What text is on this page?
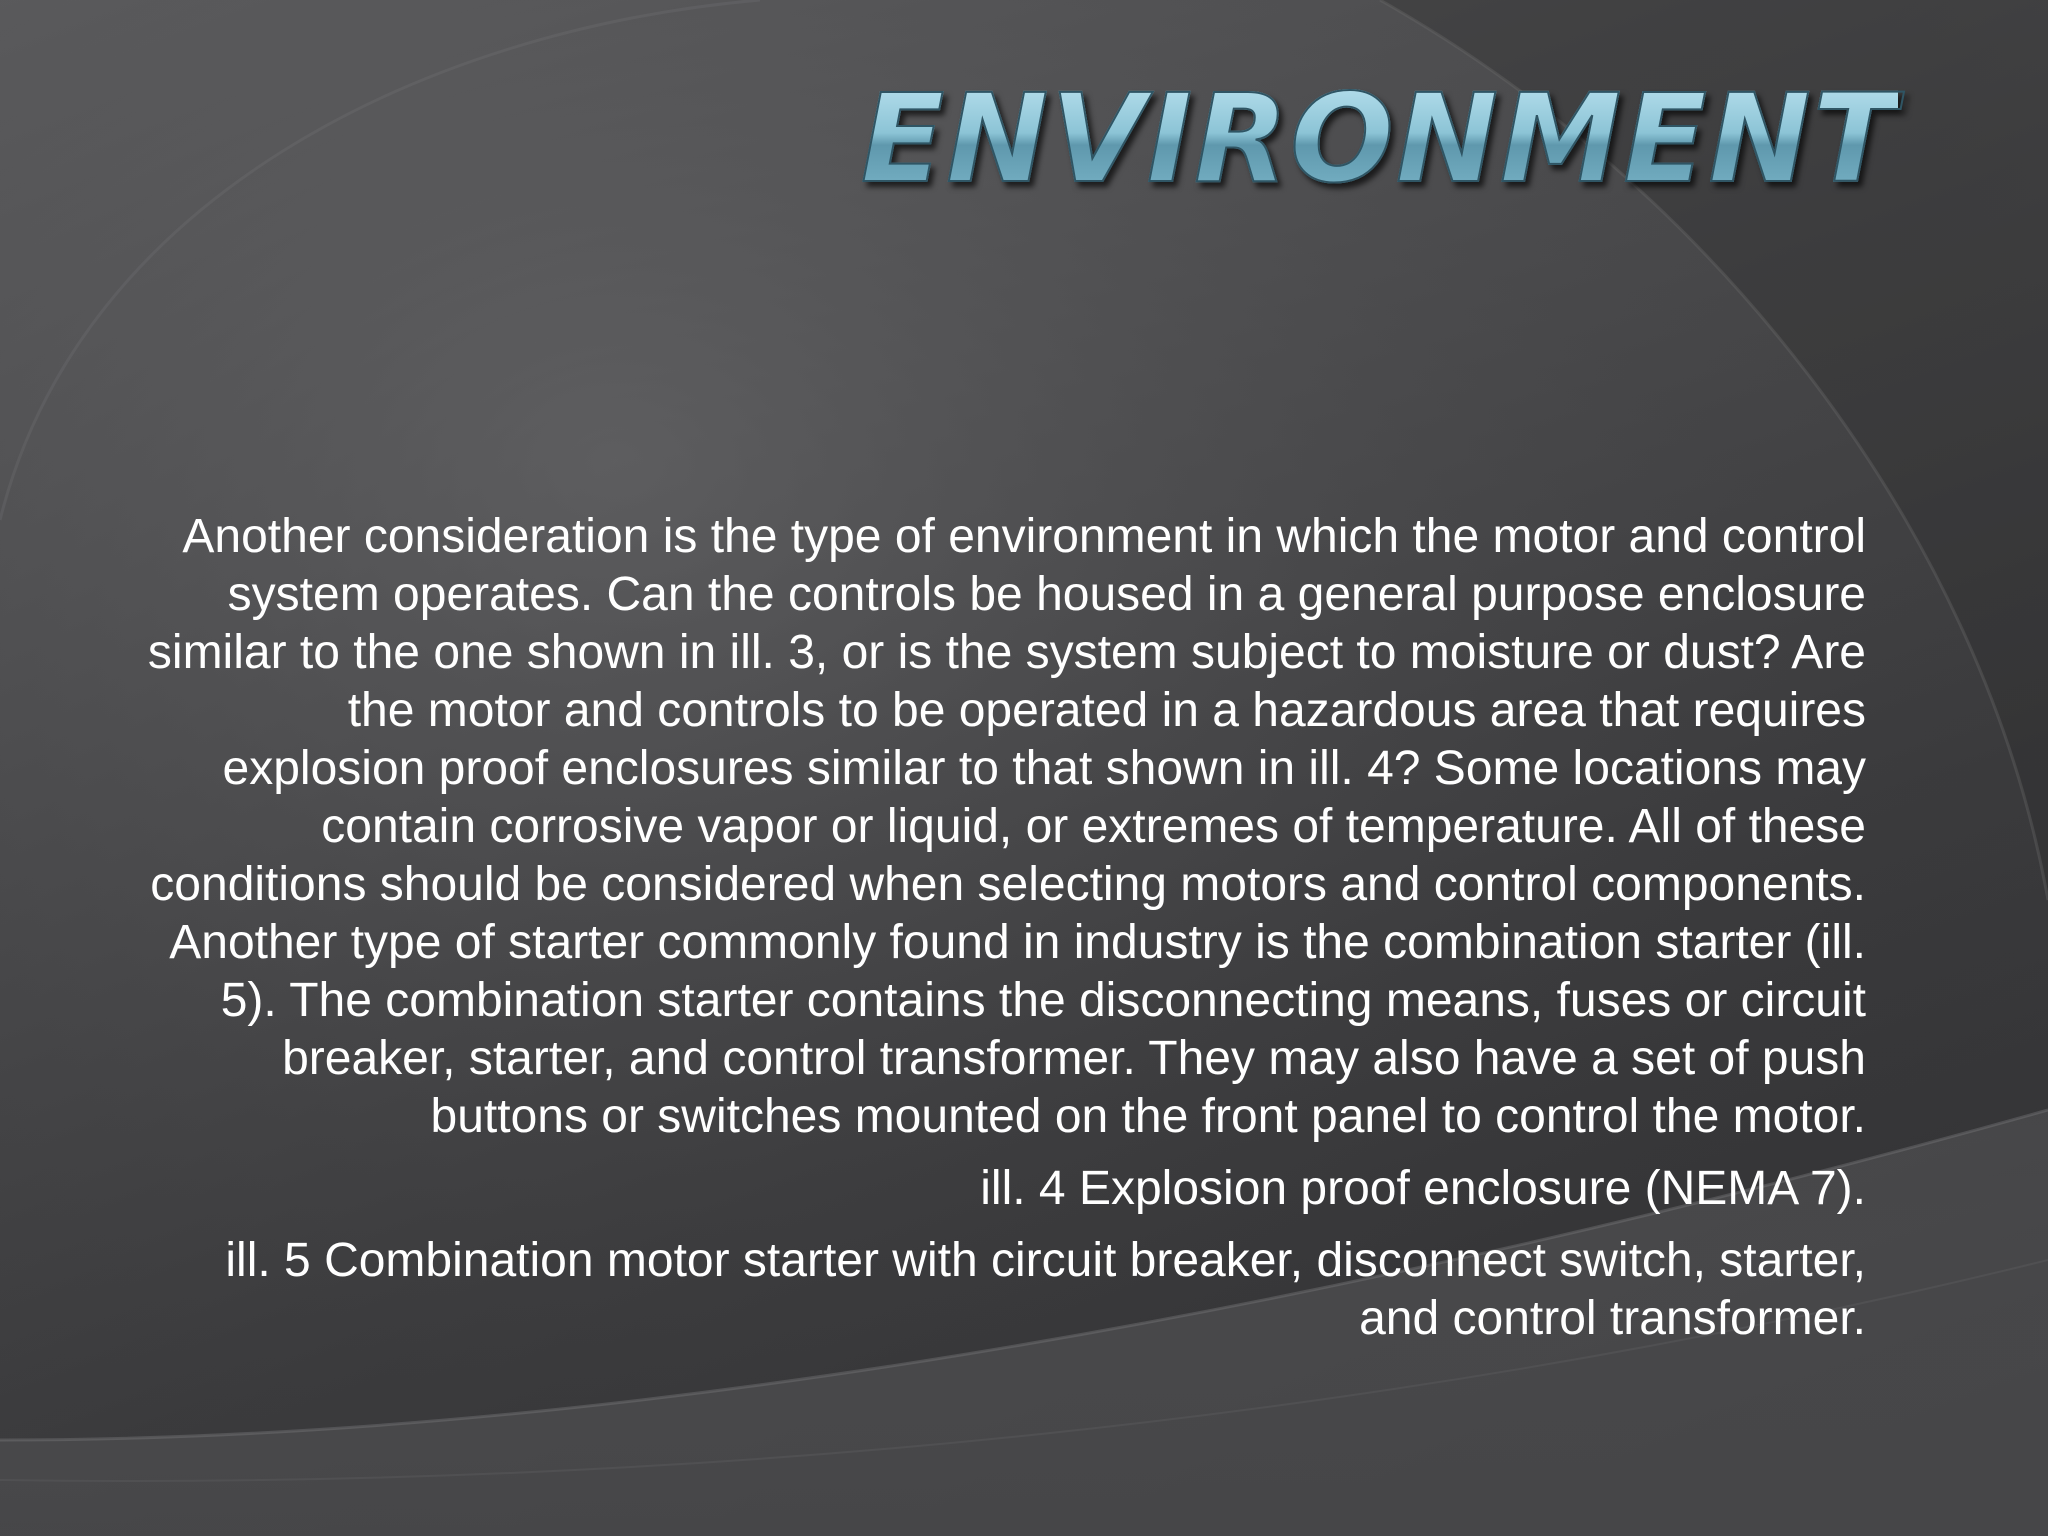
ENVIRONMENT

Another consideration is the type of environment in which the motor and control system operates. Can the controls be housed in a general purpose enclosure similar to the one shown in ill. 3, or is the system subject to moisture or dust? Are the motor and controls to be operated in a hazardous area that requires explosion proof enclosures similar to that shown in ill. 4? Some locations may contain corrosive vapor or liquid, or extremes of temperature. All of these conditions should be considered when selecting motors and control components. Another type of starter commonly found in industry is the combination starter (ill. 5). The combination starter contains the disconnecting means, fuses or circuit breaker, starter, and control transformer. They may also have a set of push buttons or switches mounted on the front panel to control the motor.

ill. 4 Explosion proof enclosure (NEMA 7).

ill. 5 Combination motor starter with circuit breaker, disconnect switch, starter, and control transformer.
